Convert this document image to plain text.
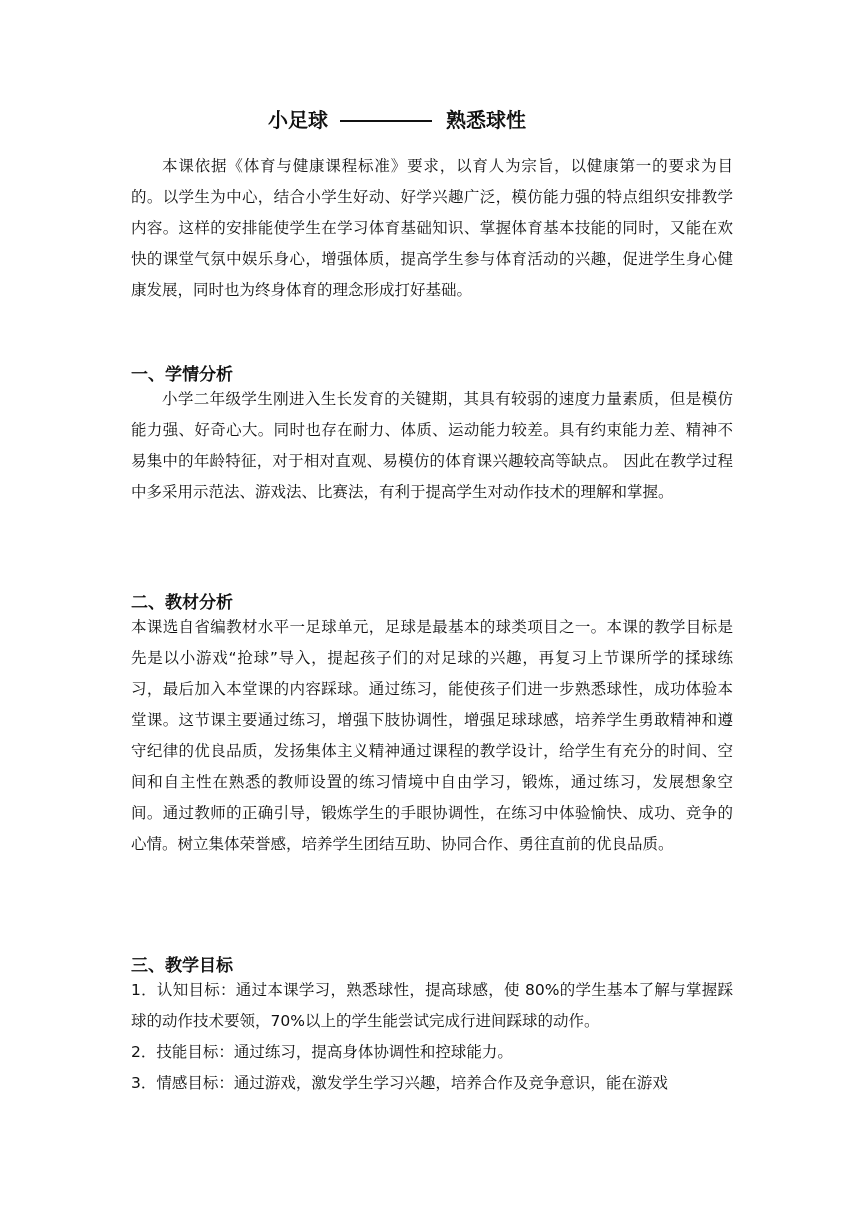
小足球	熟悉球性

本课依据《体育与健康课程标准》要求，以育人为宗旨，以健康第一的要求为目的。以学生为中心，结合小学生好动、好学兴趣广泛，模仿能力强的特点组织安排教学内容。这样的安排能使学生在学习体育基础知识、掌握体育基本技能的同时，又能在欢快的课堂气氛中娱乐身心，增强体质，提高学生参与体育活动的兴趣，促进学生身心健康发展，同时也为终身体育的理念形成打好基础。

一、学情分析

小学二年级学生刚进入生长发育的关键期，其具有较弱的速度力量素质，但是模仿能力强、好奇心大。同时也存在耐力、体质、运动能力较差。具有约束能力差、精神不易集中的年龄特征，对于相对直观、易模仿的体育课兴趣较高等缺点。 因此在教学过程中多采用示范法、游戏法、比赛法，有利于提高学生对动作技术的理解和掌握。

二、教材分析

本课选自省编教材水平一足球单元，足球是最基本的球类项目之一。本课的教学目标是先是以小游戏“抢球”导入，提起孩子们的对足球的兴趣，再复习上节课所学的揉球练习，最后加入本堂课的内容踩球。通过练习，能使孩子们进一步熟悉球性，成功体验本堂课。这节课主要通过练习，增强下肢协调性，增强足球球感，培养学生勇敢精神和遵守纪律的优良品质，发扬集体主义精神通过课程的教学设计，给学生有充分的时间、空间和自主性在熟悉的教师设置的练习情境中自由学习，锻炼，通过练习，发展想象空间。通过教师的正确引导，锻炼学生的手眼协调性，在练习中体验愉快、成功、竞争的心情。树立集体荣誉感，培养学生团结互助、协同合作、勇往直前的优良品质。

三、教学目标

1．认知目标：通过本课学习，熟悉球性，提高球感，使 80%的学生基本了解与掌握踩球的动作技术要领，70%以上的学生能尝试完成行进间踩球的动作。

2．技能目标：通过练习，提高身体协调性和控球能力。

3．情感目标：通过游戏，激发学生学习兴趣，培养合作及竞争意识，能在游戏
